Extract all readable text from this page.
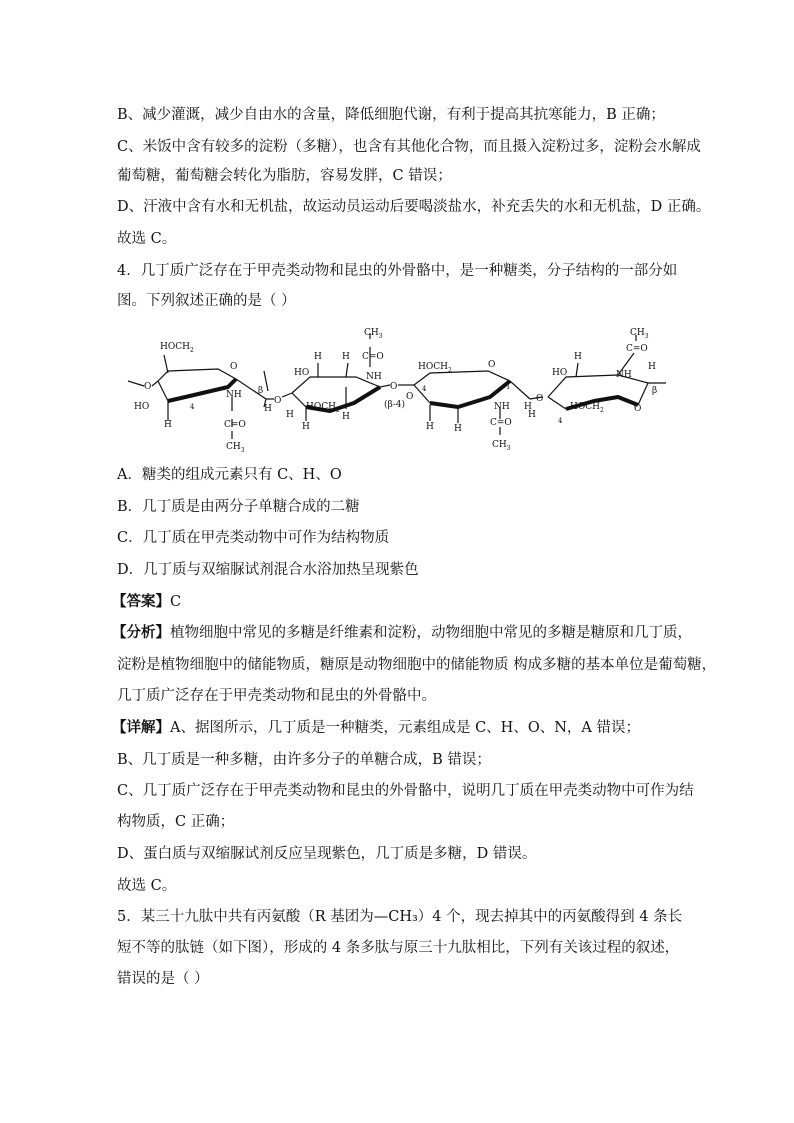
B、减少灌溉，减少自由水的含量，降低细胞代谢，有利于提高其抗寒能力，B 正确；
C、米饭中含有较多的淀粉（多糖），也含有其他化合物，而且摄入淀粉过多，淀粉会水解成
葡萄糖，葡萄糖会转化为脂肪，容易发胖，C 错误；
D、汗液中含有水和无机盐，故运动员运动后要喝淡盐水，补充丢失的水和无机盐，D 正确。
故选 C。
4．几丁质广泛存在于甲壳类动物和昆虫的外骨骼中，是一种糖类，分子结构的一部分如
图。下列叙述正确的是（ ）
$HOCH_2$
O
H
HO	4
O
NH
C=O
$CH_3$
β
O
H
H
HO
H
H
$HOCH_2$
H
$CH_3$
C=O
NH
H
O
(β-4)
$HOCH_2$
O
O
4	1
H H
NH
C=O
$CH_3$
H
O
H
HO
H
4
$HOCH_2$
$CH_3$
C=O
NH
H
β
O
A．糖类的组成元素只有 C、H、O
B．几丁质是由两分子单糖合成的二糖
C．几丁质在甲壳类动物中可作为结构物质
D．几丁质与双缩脲试剂混合水浴加热呈现紫色
【答案】C
【分析】植物细胞中常见的多糖是纤维素和淀粉，动物细胞中常见的多糖是糖原和几丁质，
淀粉是植物细胞中的储能物质，糖原是动物细胞中的储能物质 构成多糖的基本单位是葡萄糖，
几丁质广泛存在于甲壳类动物和昆虫的外骨骼中。
【详解】A、据图所示，几丁质是一种糖类，元素组成是 C、H、O、N，A 错误；
B、几丁质是一种多糖，由许多分子的单糖合成，B 错误；
C、几丁质广泛存在于甲壳类动物和昆虫的外骨骼中，说明几丁质在甲壳类动物中可作为结
构物质，C 正确；
D、蛋白质与双缩脲试剂反应呈现紫色，几丁质是多糖，D 错误。
故选 C。
5．某三十九肽中共有丙氨酸（R 基团为—CH₃）4 个，现去掉其中的丙氨酸得到 4 条长
短不等的肽链（如下图），形成的 4 条多肽与原三十九肽相比，下列有关该过程的叙述，
错误的是（ ）
